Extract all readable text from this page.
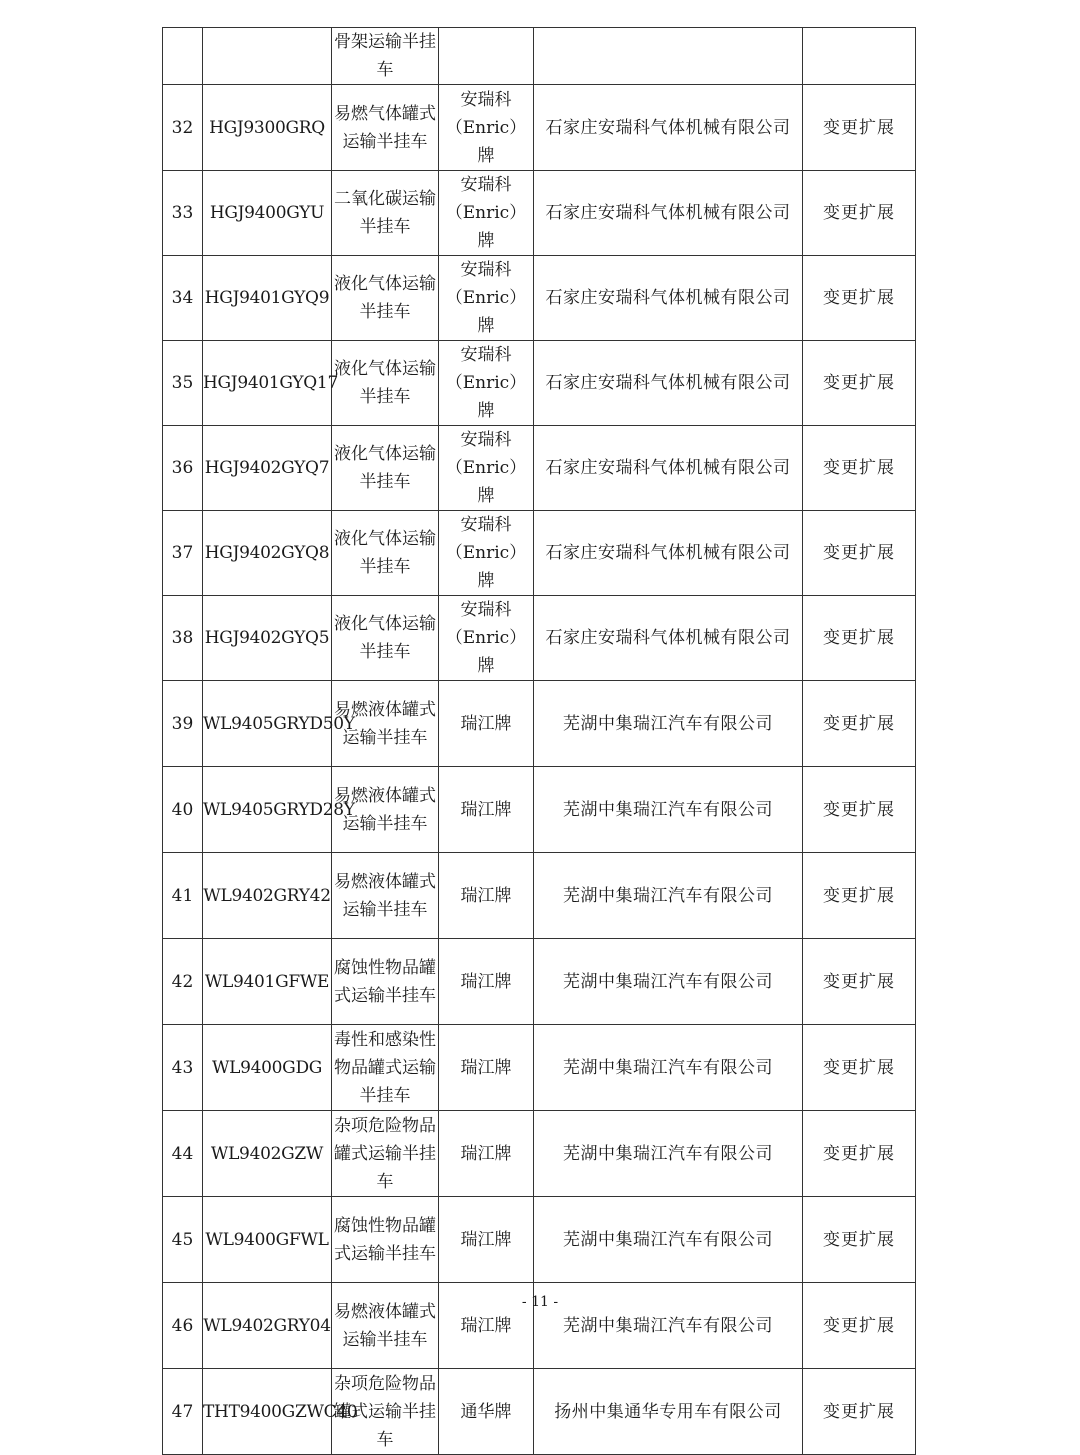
		骨架运输半挂车			
32	HGJ9300GRQ	易燃气体罐式运输半挂车	安瑞科（Enric）牌	石家庄安瑞科气体机械有限公司	变更扩展
33	HGJ9400GYU	二氧化碳运输半挂车	安瑞科（Enric）牌	石家庄安瑞科气体机械有限公司	变更扩展
34	HGJ9401GYQ9	液化气体运输半挂车	安瑞科（Enric）牌	石家庄安瑞科气体机械有限公司	变更扩展
35	HGJ9401GYQ17	液化气体运输半挂车	安瑞科（Enric）牌	石家庄安瑞科气体机械有限公司	变更扩展
36	HGJ9402GYQ7	液化气体运输半挂车	安瑞科（Enric）牌	石家庄安瑞科气体机械有限公司	变更扩展
37	HGJ9402GYQ8	液化气体运输半挂车	安瑞科（Enric）牌	石家庄安瑞科气体机械有限公司	变更扩展
38	HGJ9402GYQ5	液化气体运输半挂车	安瑞科（Enric）牌	石家庄安瑞科气体机械有限公司	变更扩展
39	WL9405GRYD50Y	易燃液体罐式运输半挂车	瑞江牌	芜湖中集瑞江汽车有限公司	变更扩展
40	WL9405GRYD28Y	易燃液体罐式运输半挂车	瑞江牌	芜湖中集瑞江汽车有限公司	变更扩展
41	WL9402GRY42	易燃液体罐式运输半挂车	瑞江牌	芜湖中集瑞江汽车有限公司	变更扩展
42	WL9401GFWE	腐蚀性物品罐式运输半挂车	瑞江牌	芜湖中集瑞江汽车有限公司	变更扩展
43	WL9400GDG	毒性和感染性物品罐式运输半挂车	瑞江牌	芜湖中集瑞江汽车有限公司	变更扩展
44	WL9402GZW	杂项危险物品罐式运输半挂车	瑞江牌	芜湖中集瑞江汽车有限公司	变更扩展
45	WL9400GFWL	腐蚀性物品罐式运输半挂车	瑞江牌	芜湖中集瑞江汽车有限公司	变更扩展
46	WL9402GRY04	易燃液体罐式运输半挂车	瑞江牌	芜湖中集瑞江汽车有限公司	变更扩展
47	THT9400GZWC40	杂项危险物品罐式运输半挂车	通华牌	扬州中集通华专用车有限公司	变更扩展
- 11 -
